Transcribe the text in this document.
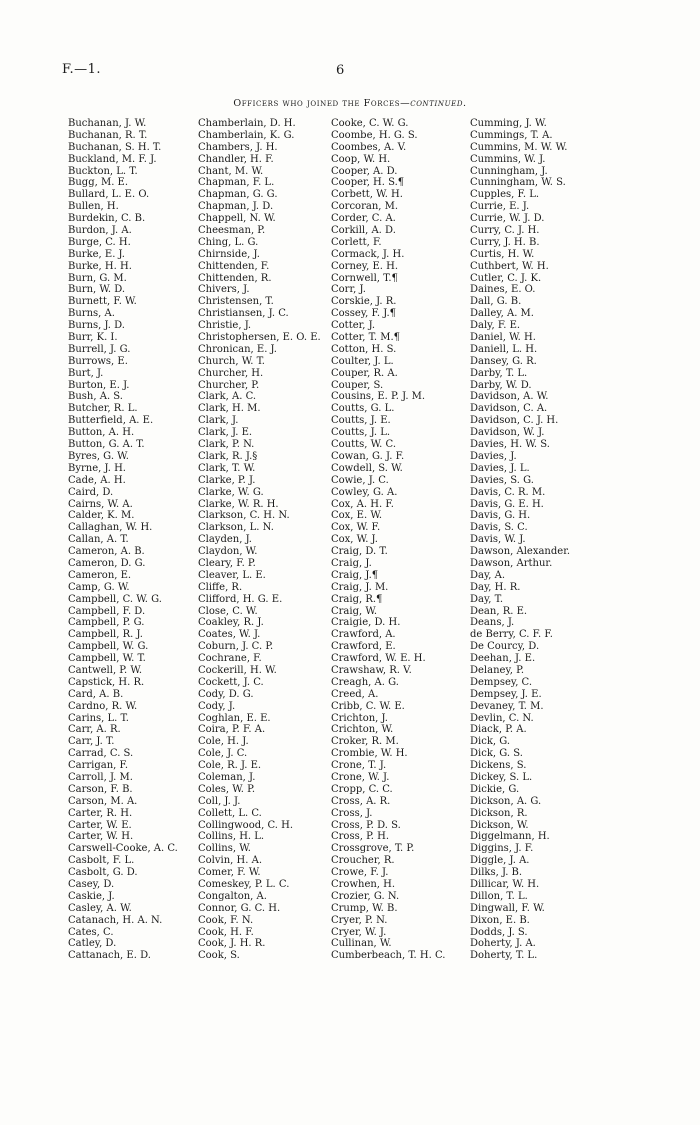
F.—1.	6
Officers who joined the Forces—continued.
Buchanan, J. W.
Buchanan, R. T.
Buchanan, S. H. T.
Buckland, M. F. J.
Buckton, L. T.
Bugg, M. E.
Bullard, L. E. O.
Bullen, H.
Burdekin, C. B.
Burdon, J. A.
Burge, C. H.
Burke, E. J.
Burke, H. H.
Burn, G. M.
Burn, W. D.
Burnett, F. W.
Burns, A.
Burns, J. D.
Burr, K. I.
Burrell, J. G.
Burrows, E.
Burt, J.
Burton, E. J.
Bush, A. S.
Butcher, R. L.
Butterfield, A. E.
Button, A. H.
Button, G. A. T.
Byres, G. W.
Byrne, J. H.
Cade, A. H.
Caird, D.
Cairns, W. A.
Calder, K. M.
Callaghan, W. H.
Callan, A. T.
Cameron, A. B.
Cameron, D. G.
Cameron, E.
Camp, G. W.
Campbell, C. W. G.
Campbell, F. D.
Campbell, P. G.
Campbell, R. J.
Campbell, W. G.
Campbell, W. T.
Cantwell, P. W.
Capstick, H. R.
Card, A. B.
Cardno, R. W.
Carins, L. T.
Carr, A. R.
Carr, J. T.
Carrad, C. S.
Carrigan, F.
Carroll, J. M.
Carson, F. B.
Carson, M. A.
Carter, R. H.
Carter, W. E.
Carter, W. H.
Carswell-Cooke, A. C.
Casbolt, F. L.
Casbolt, G. D.
Casey, D.
Caskie, J.
Casley, A. W.
Catanach, H. A. N.
Cates, C.
Catley, D.
Cattanach, E. D.
Chamberlain, D. H.
Chamberlain, K. G.
Chambers, J. H.
Chandler, H. F.
Chant, M. W.
Chapman, F. L.
Chapman, G. G.
Chapman, J. D.
Chappell, N. W.
Cheesman, P.
Ching, L. G.
Chirnside, J.
Chittenden, F.
Chittenden, R.
Chivers, J.
Christensen, T.
Christiansen, J. C.
Christie, J.
Christophersen, E. O. E.
Chronican, E. J.
Church, W. T.
Churcher, H.
Churcher, P.
Clark, A. C.
Clark, H. M.
Clark, J.
Clark, J. E.
Clark, P. N.
Clark, R. J.§
Clark, T. W.
Clarke, P. J.
Clarke, W. G.
Clarke, W. R. H.
Clarkson, C. H. N.
Clarkson, L. N.
Clayden, J.
Claydon, W.
Cleary, F. P.
Cleaver, L. E.
Cliffe, R.
Clifford, H. G. E.
Close, C. W.
Coakley, R. J.
Coates, W. J.
Coburn, J. C. P.
Cochrane, F.
Cockerill, H. W.
Cockett, J. C.
Cody, D. G.
Cody, J.
Coghlan, E. E.
Coira, P. F. A.
Cole, H. J.
Cole, J. C.
Cole, R. J. E.
Coleman, J.
Coles, W. P.
Coll, J. J.
Collett, L. C.
Collingwood, C. H.
Collins, H. L.
Collins, W.
Colvin, H. A.
Comer, F. W.
Comeskey, P. L. C.
Congalton, A.
Connor, G. C. H.
Cook, F. N.
Cook, H. F.
Cook, J. H. R.
Cook, S.
Cooke, C. W. G.
Coombe, H. G. S.
Coombes, A. V.
Coop, W. H.
Cooper, A. D.
Cooper, H. S.¶
Corbett, W. H.
Corcoran, M.
Corder, C. A.
Corkill, A. D.
Corlett, F.
Cormack, J. H.
Corney, E. H.
Cornwell, T.¶
Corr, J.
Corskie, J. R.
Cossey, F. J.¶
Cotter, J.
Cotter, T. M.¶
Cotton, H. S.
Coulter, J. L.
Couper, R. A.
Couper, S.
Cousins, E. P. J. M.
Coutts, G. L.
Coutts, J. E.
Coutts, J. L.
Coutts, W. C.
Cowan, G. J. F.
Cowdell, S. W.
Cowie, J. C.
Cowley, G. A.
Cox, A. H. F.
Cox, E. W.
Cox, W. F.
Cox, W. J.
Craig, D. T.
Craig, J.
Craig, J.¶
Craig, J. M.
Craig, R.¶
Craig, W.
Craigie, D. H.
Crawford, A.
Crawford, E.
Crawford, W. E. H.
Crawshaw, R. V.
Creagh, A. G.
Creed, A.
Cribb, C. W. E.
Crichton, J.
Crichton, W.
Croker, R. M.
Crombie, W. H.
Crone, T. J.
Crone, W. J.
Cropp, C. C.
Cross, A. R.
Cross, J.
Cross, P. D. S.
Cross, P. H.
Crossgrove, T. P.
Croucher, R.
Crowe, F. J.
Crowhen, H.
Crozier, G. N.
Crump, W. B.
Cryer, P. N.
Cryer, W. J.
Cullinan, W.
Cumberbeach, T. H. C.
Cumming, J. W.
Cummings, T. A.
Cummins, M. W. W.
Cummins, W. J.
Cunningham, J.
Cunningham, W. S.
Cupples, F. L.
Currie, E. J.
Currie, W. J. D.
Curry, C. J. H.
Curry, J. H. B.
Curtis, H. W.
Cuthbert, W. H.
Cutler, C. J. K.
Daines, E. O.
Dall, G. B.
Dalley, A. M.
Daly, F. E.
Daniel, W. H.
Daniell, L. H.
Dansey, G. R.
Darby, T. L.
Darby, W. D.
Davidson, A. W.
Davidson, C. A.
Davidson, C. J. H.
Davidson, W. J.
Davies, H. W. S.
Davies, J.
Davies, J. L.
Davies, S. G.
Davis, C. R. M.
Davis, G. E. H.
Davis, G. H.
Davis, S. C.
Davis, W. J.
Dawson, Alexander.
Dawson, Arthur.
Day, A.
Day, H. R.
Day, T.
Dean, R. E.
Deans, J.
de Berry, C. F. F.
De Courcy, D.
Deehan, J. E.
Delaney, P.
Dempsey, C.
Dempsey, J. E.
Devaney, T. M.
Devlin, C. N.
Diack, P. A.
Dick, G.
Dick, G. S.
Dickens, S.
Dickey, S. L.
Dickie, G.
Dickson, A. G.
Dickson, R.
Dickson, W.
Diggelmann, H.
Diggins, J. F.
Diggle, J. A.
Dilks, J. B.
Dillicar, W. H.
Dillon, T. L.
Dingwall, F. W.
Dixon, E. B.
Dodds, J. S.
Doherty, J. A.
Doherty, T. L.
